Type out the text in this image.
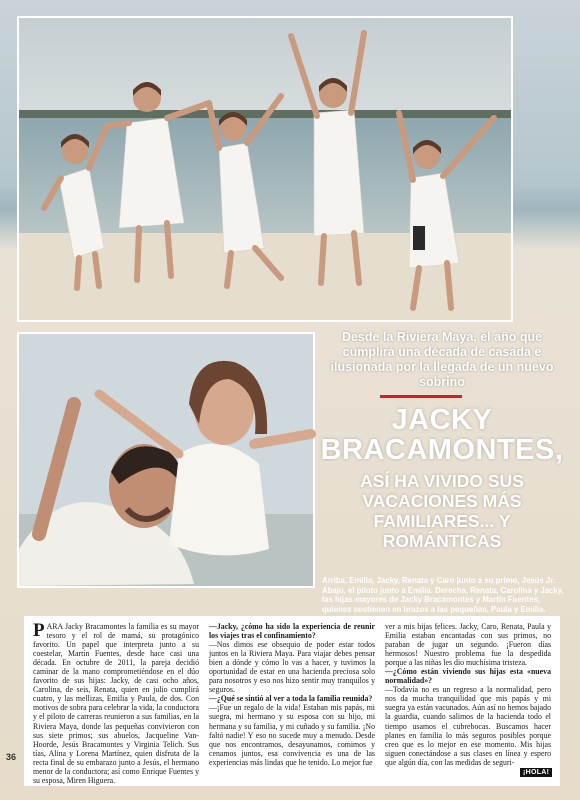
Desde la Riviera Maya, el año que cumplirá una década de casada e ilusionada por la llegada de un nuevo sobrino
JACKY
BRACAMONTES,
ASÍ HA VIVIDO SUS VACACIONES MÁS FAMILIARES... Y ROMÁNTICAS
Arriba, Emilia, Jacky, Renata y Caro junto a su primo, Jesús Jr. Abajo, el piloto junto a Emilia. Derecha, Renata, Carolina y Jacky, las hijas mayores de Jacky Bracamontes y Martín Fuentes, quienes sostienen en brazos a las pequeñas, Paula y Emilia.
P ARA Jacky Bracamontes la familia es su mayor tesoro y el rol de mamá, su protagónico favorito. Un papel que interpreta junto a su coestelar, Martín Fuentes, desde hace casi una década. En octubre de 2011, la pareja decidió caminar de la mano comprometiéndose en el dúo favorito de sus hijas: Jacky, de casi ocho años, Carolina, de seis, Renata, quien en julio cumplirá cuatro, y las mellizas, Emilia y Paula, de dos. Con motivos de sobra para celebrar la vida, la conductora y el piloto de carreras reunieron a sus familias, en la Riviera Maya, donde las pequeñas convivieron con sus siete primos; sus abuelos, Jacqueline Van-Hoorde, Jesús Bracamontes y Virginia Telich. Sus tías, Alina y Lorena Martínez, quien disfruta de la recta final de su embarazo junto a Jesús, el hermano menor de la conductora; así como Enrique Fuentes y su esposa, Miren Higuera.

—Jacky, ¿cómo ha sido la experiencia de reunir los viajes tras el confinamiento?

—Nos dimos ese obsequio de poder estar todos juntos en la Riviera Maya. Para viajar debes pensar bien a dónde y cómo lo vas a hacer, y tuvimos la oportunidad de estar en una hacienda preciosa solo para nosotros y eso nos hizo sentir muy tranquilos y seguros.

—¿Qué se sintió al ver a toda la familia reunida?

—¡Fue un regalo de la vida! Estaban mis papás, mi suegra, mi hermano y su esposa con su hijo, mi hermana y su familia, y mi cuñado y su familia. ¡No faltó nadie! Y eso no sucede muy a menudo. Desde que nos encontramos, desayunamos, comimos y cenamos juntos, esa convivencia es una de las experiencias más lindas que he tenido. Lo mejor fue

ver a mis hijas felices. Jacky, Caro, Renata, Paula y Emilia estaban encantadas con sus primos, no paraban de jugar un segundo. ¡Fueron días hermosos! Nuestro problema fue la despedida porque a las niñas les dio muchísima tristeza.

—¿Cómo están viviendo sus hijas esta «nueva normalidad»?

—Todavía no es un regreso a la normalidad, pero nos da mucha tranquilidad que mis papás y mi suegra ya están vacunados. Aún así no hemos bajado la guardia, cuando salimos de la hacienda todo el tiempo usamos el cubrebocas. Buscamos hacer planes en familia lo más seguros posibles porque creo que es lo mejor en ese momento. Mis hijas siguen conectándose a sus clases en línea y espero que algún día, con las medidas de seguri-

36
¡HOLA!
